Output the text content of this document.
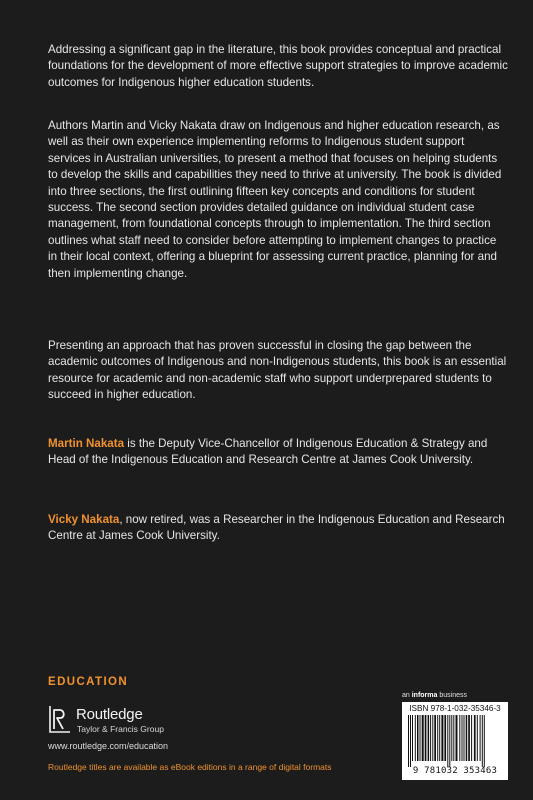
Addressing a significant gap in the literature, this book provides conceptual and practical foundations for the development of more effective support strategies to improve academic outcomes for Indigenous higher education students.

Authors Martin and Vicky Nakata draw on Indigenous and higher education research, as well as their own experience implementing reforms to Indigenous student support services in Australian universities, to present a method that focuses on helping students to develop the skills and capabilities they need to thrive at university. The book is divided into three sections, the first outlining fifteen key concepts and conditions for student success. The second section provides detailed guidance on individual student case management, from foundational concepts through to implementation. The third section outlines what staff need to consider before attempting to implement changes to practice in their local context, offering a blueprint for assessing current practice, planning for and then implementing change.

Presenting an approach that has proven successful in closing the gap between the academic outcomes of Indigenous and non-Indigenous students, this book is an essential resource for academic and non-academic staff who support underprepared students to succeed in higher education.

Martin Nakata is the Deputy Vice-Chancellor of Indigenous Education & Strategy and Head of the Indigenous Education and Research Centre at James Cook University.

Vicky Nakata, now retired, was a Researcher in the Indigenous Education and Research Centre at James Cook University.

EDUCATION
Routledge
Taylor & Francis Group
www.routledge.com/education
Routledge titles are available as eBook editions in a range of digital formats
an informa business
ISBN 978-1-032-35346-3
9 781032 353463
